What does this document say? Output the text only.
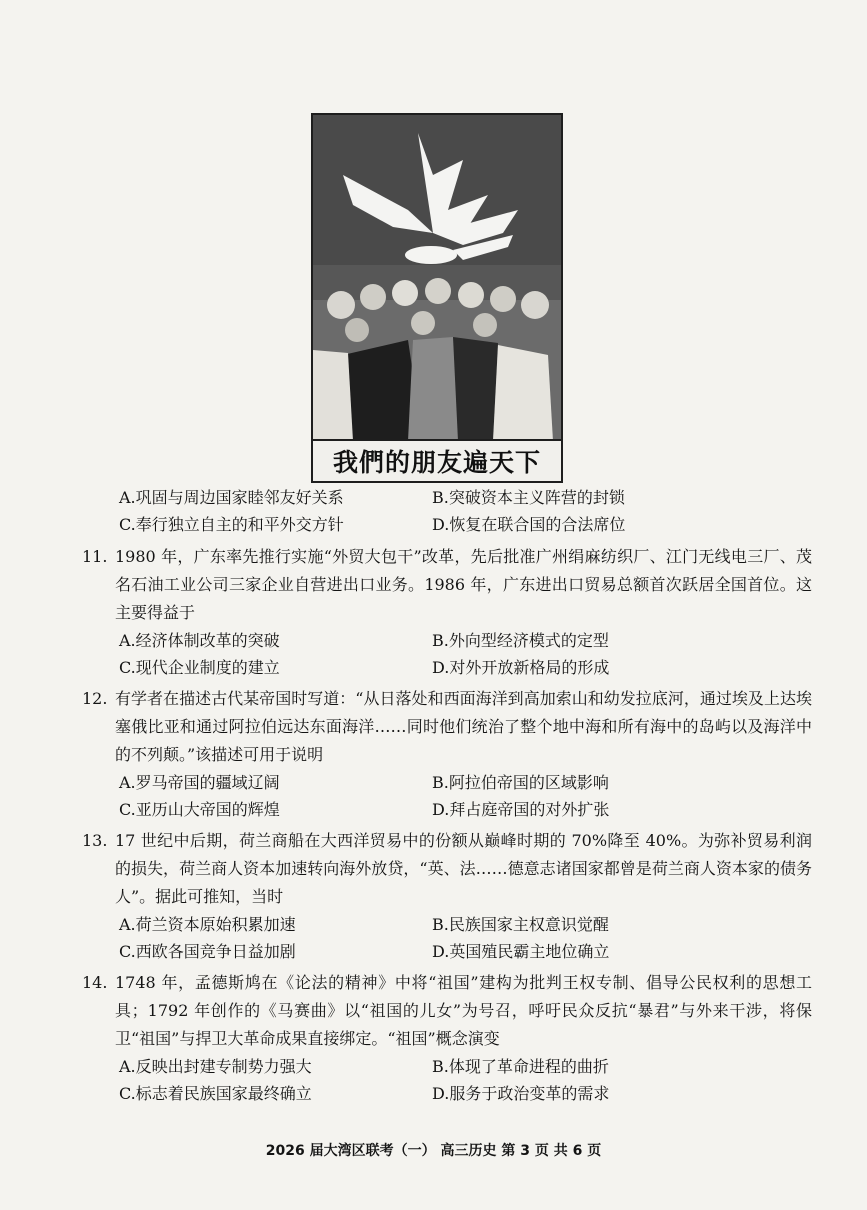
我們的朋友遍天下
A.巩固与周边国家睦邻友好关系	B.突破资本主义阵营的封锁
C.奉行独立自主的和平外交方针	D.恢复在联合国的合法席位
11. 1980 年，广东率先推行实施“外贸大包干”改革，先后批准广州绢麻纺织厂、江门无线电三厂、茂名石油工业公司三家企业自营进出口业务。1986 年，广东进出口贸易总额首次跃居全国首位。这主要得益于
A.经济体制改革的突破	B.外向型经济模式的定型
C.现代企业制度的建立	D.对外开放新格局的形成
12. 有学者在描述古代某帝国时写道：“从日落处和西面海洋到高加索山和幼发拉底河，通过埃及上达埃塞俄比亚和通过阿拉伯远达东面海洋……同时他们统治了整个地中海和所有海中的岛屿以及海洋中的不列颠。”该描述可用于说明
A.罗马帝国的疆域辽阔	B.阿拉伯帝国的区域影响
C.亚历山大帝国的辉煌	D.拜占庭帝国的对外扩张
13. 17 世纪中后期，荷兰商船在大西洋贸易中的份额从巅峰时期的 70%降至 40%。为弥补贸易利润的损失，荷兰商人资本加速转向海外放贷，“英、法……德意志诸国家都曾是荷兰商人资本家的债务人”。据此可推知，当时
A.荷兰资本原始积累加速	B.民族国家主权意识觉醒
C.西欧各国竞争日益加剧	D.英国殖民霸主地位确立
14. 1748 年，孟德斯鸠在《论法的精神》中将“祖国”建构为批判王权专制、倡导公民权利的思想工具；1792 年创作的《马赛曲》以“祖国的儿女”为号召，呼吁民众反抗“暴君”与外来干涉，将保卫“祖国”与捍卫大革命成果直接绑定。“祖国”概念演变
A.反映出封建专制势力强大	B.体现了革命进程的曲折
C.标志着民族国家最终确立	D.服务于政治变革的需求
2026 届大湾区联考（一） 高三历史 第 3 页 共 6 页
